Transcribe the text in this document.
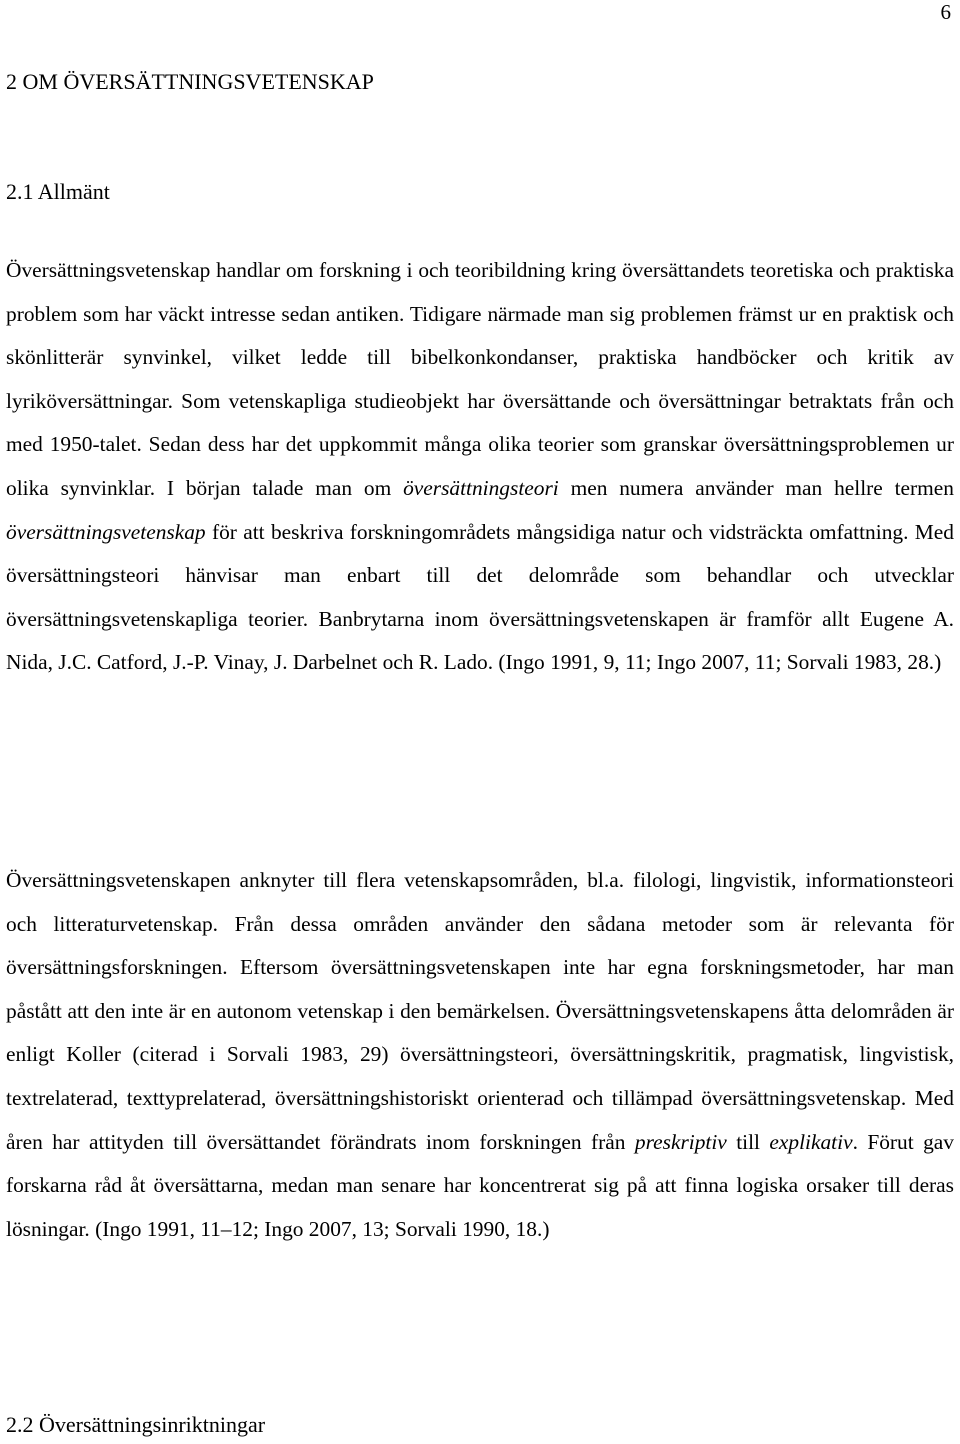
6
2 OM ÖVERSÄTTNINGSVETENSKAP
2.1 Allmänt

Översättningsvetenskap handlar om forskning i och teoribildning kring översättandets teoretiska och praktiska problem som har väckt intresse sedan antiken. Tidigare närmade man sig problemen främst ur en praktisk och skönlitterär synvinkel, vilket ledde till bibelkonkondanser, praktiska handböcker och kritik av lyriköversättningar. Som vetenskapliga studieobjekt har översättande och översättningar betraktats från och med 1950-talet. Sedan dess har det uppkommit många olika teorier som granskar översättningsproblemen ur olika synvinklar. I början talade man om översättningsteori men numera använder man hellre termen översättningsvetenskap för att beskriva forskningområdets mångsidiga natur och vidsträckta omfattning. Med översättningsteori hänvisar man enbart till det delområde som behandlar och utvecklar översättningsvetenskapliga teorier. Banbrytarna inom översättningsvetenskapen är framför allt Eugene A. Nida, J.C. Catford, J.-P. Vinay, J. Darbelnet och R. Lado. (Ingo 1991, 9, 11; Ingo 2007, 11; Sorvali 1983, 28.)

Översättningsvetenskapen anknyter till flera vetenskapsområden, bl.a. filologi, lingvistik, informationsteori och litteraturvetenskap. Från dessa områden använder den sådana metoder som är relevanta för översättningsforskningen. Eftersom översättningsvetenskapen inte har egna forskningsmetoder, har man påstått att den inte är en autonom vetenskap i den bemärkelsen. Översättningsvetenskapens åtta delområden är enligt Koller (citerad i Sorvali 1983, 29) översättningsteori, översättningskritik, pragmatisk, lingvistisk, textrelaterad, texttyprelaterad, översättningshistoriskt orienterad och tillämpad översättningsvetenskap. Med åren har attityden till översättandet förändrats inom forskningen från preskriptiv till explikativ. Förut gav forskarna råd åt översättarna, medan man senare har koncentrerat sig på att finna logiska orsaker till deras lösningar. (Ingo 1991, 11–12; Ingo 2007, 13; Sorvali 1990, 18.)

2.2 Översättningsinriktningar
